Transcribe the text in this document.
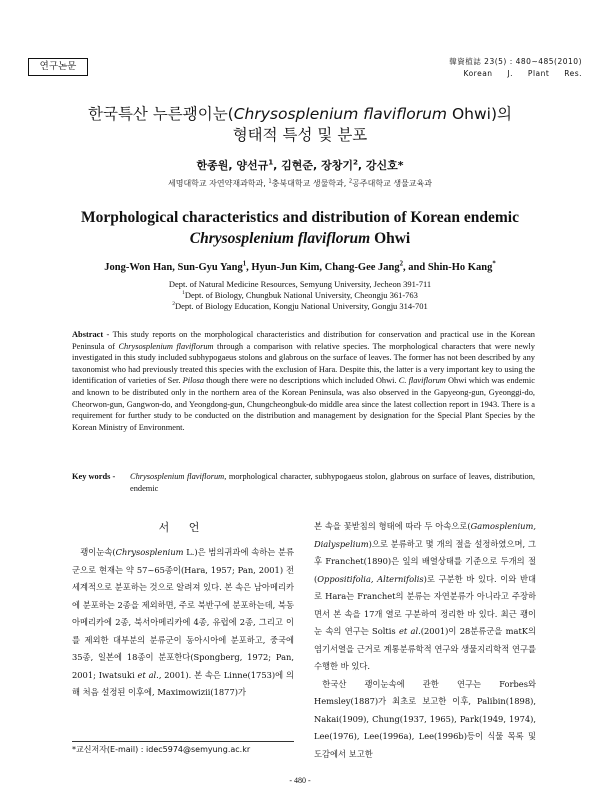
연구논문	韓資植誌 23(5) : 480~485(2010)
Korean J. Plant Res.
한국특산 누른괭이눈(Chrysosplenium flaviflorum Ohwi)의
형태적 특성 및 분포
한종원, 양선규$^1$, 김현준, 장창기$^2$, 강신호*
세명대학교 자연약재과학과, $^1$충북대학교 생물학과, $^2$공주대학교 생물교육과
Morphological characteristics and distribution of Korean endemic
Chrysosplenium flaviflorum Ohwi
Jong-Won Han, Sun-Gyu Yang$^1$, Hyun-Jun Kim, Chang-Gee Jang$^2$, and Shin-Ho Kang*
Dept. of Natural Medicine Resources, Semyung University, Jecheon 391-711
$^1$Dept. of Biology, Chungbuk National University, Cheongju 361-763
$^2$Dept. of Biology Education, Kongju National University, Gongju 314-701
Abstract - This study reports on the morphological characteristics and distribution for conservation and practical use in the Korean Peninsula of Chrysosplenium flaviflorum through a comparison with relative species. The morphological characters that were newly investigated in this study included subhypogaeus stolons and glabrous on the surface of leaves. The former has not been described by any taxonomist who had previously treated this species with the exclusion of Hara. Despite this, the latter is a very important key to using the identification of varieties of Ser. Pilosa though there were no descriptions which included Ohwi. C. flaviflorum Ohwi which was endemic and known to be distributed only in the northern area of the Korean Peninsula, was also observed in the Gapyeong-gun, Gyeonggi-do, Cheorwon-gun, Gangwon-do, and Yeongdong-gun, Chungcheongbuk-do middle area since the latest collection report in 1943. There is a requirement for further study to be conducted on the distribution and management by designation for the Special Plant Species by the Korean Ministry of Environment.
Key words -	Chrysosplenium flaviflorum, morphological character, subhypogaeus stolon, glabrous on surface of leaves, distribution, endemic
서 언

괭이눈속(Chrysosplenium L.)은 범의귀과에 속하는 분류군으로 현재는 약 57~65종이(Hara, 1957; Pan, 2001) 전 세계적으로 분포하는 것으로 알려져 있다. 본 속은 남아메리카에 분포하는 2종을 제외하면, 주로 북반구에 분포하는데, 북동아메리카에 2종, 북서아메리카에 4종, 유럽에 2종, 그리고 이를 제외한 대부분의 분류군이 동아시아에 분포하고, 중국에 35종, 일본에 18종이 분포한다(Spongberg, 1972; Pan, 2001; Iwatsuki et al., 2001). 본 속은 Linne(1753)에 의해 처음 설정된 이후에, Maximowizii(1877)가

본 속을 꽃받침의 형태에 따라 두 아속으로(Gamosplenium, Dialyspelium)으로 분류하고 몇 개의 절을 설정하였으며, 그 후 Franchet(1890)은 잎의 배열상태를 기준으로 두개의 절(Oppositifolia, Alternifolis)로 구분한 바 있다. 이와 반대로 Hara는 Franchet의 분류는 자연분류가 아니라고 주장하면서 본 속을 17개 열로 구분하여 정리한 바 있다. 최근 괭이눈 속의 연구는 Soltis et al.(2001)이 28분류군을 matK의 염기서열을 근거로 계통분류학적 연구와 생물지리학적 연구를 수행한 바 있다.

한국산 괭이눈속에 관한 연구는 Forbes와 Hemsley(1887)가 최초로 보고한 이후, Palibin(1898), Nakai(1909), Chung(1937, 1965), Park(1949, 1974), Lee(1976), Lee(1996a), Lee(1996b)등이 식물 목록 및 도감에서 보고한

*교신저자(E-mail) : idec5974@semyung.ac.kr
- 480 -
